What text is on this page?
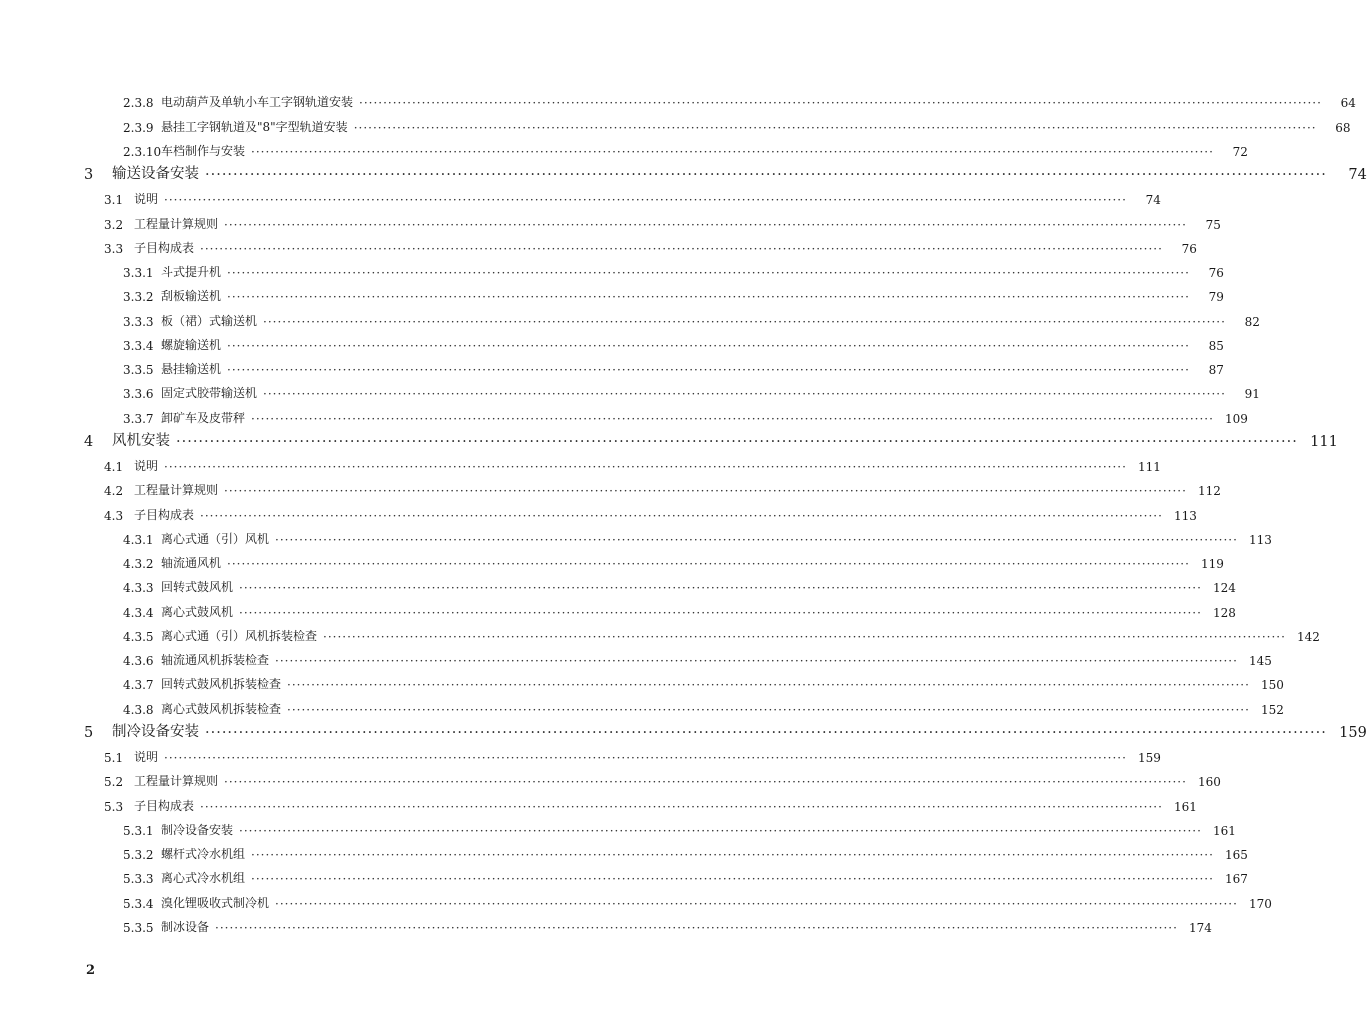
2.3.8 电动葫芦及单轨小车工字钢轨道安装 ········································································································································································································	64
2.3.9 悬挂工字钢轨道及"8"字型轨道安装 ········································································································································································································	68
2.3.10 车档制作与安装 ········································································································································································································	72
3	输送设备安装 ········································································································································································································	74
3.1 说明 ········································································································································································································	74
3.2 工程量计算规则 ········································································································································································································	75
3.3 子目构成表 ········································································································································································································	76
3.3.1 斗式提升机 ········································································································································································································	76
3.3.2 刮板输送机 ········································································································································································································	79
3.3.3 板（裙）式输送机 ········································································································································································································	82
3.3.4 螺旋输送机 ········································································································································································································	85
3.3.5 悬挂输送机 ········································································································································································································	87
3.3.6 固定式胶带输送机 ········································································································································································································	91
3.3.7 卸矿车及皮带秤 ········································································································································································································ 109
4	风机安装 ········································································································································································································ 111
4.1 说明 ········································································································································································································ 111
4.2 工程量计算规则 ········································································································································································································ 112
4.3 子目构成表 ········································································································································································································ 113
4.3.1 离心式通（引）风机 ········································································································································································································ 113
4.3.2 轴流通风机 ········································································································································································································ 119
4.3.3 回转式鼓风机 ········································································································································································································ 124
4.3.4 离心式鼓风机 ········································································································································································································ 128
4.3.5 离心式通（引）风机拆装检查 ········································································································································································································ 142
4.3.6 轴流通风机拆装检查 ········································································································································································································ 145
4.3.7 回转式鼓风机拆装检查 ········································································································································································································ 150
4.3.8 离心式鼓风机拆装检查 ········································································································································································································ 152
5	制冷设备安装 ········································································································································································································ 159
5.1 说明 ········································································································································································································ 159
5.2 工程量计算规则 ········································································································································································································ 160
5.3 子目构成表 ········································································································································································································ 161
5.3.1 制冷设备安装 ········································································································································································································ 161
5.3.2 螺杆式冷水机组 ········································································································································································································ 165
5.3.3 离心式冷水机组 ········································································································································································································ 167
5.3.4 溴化锂吸收式制冷机 ········································································································································································································ 170
5.3.5 制冰设备 ········································································································································································································ 174
2
